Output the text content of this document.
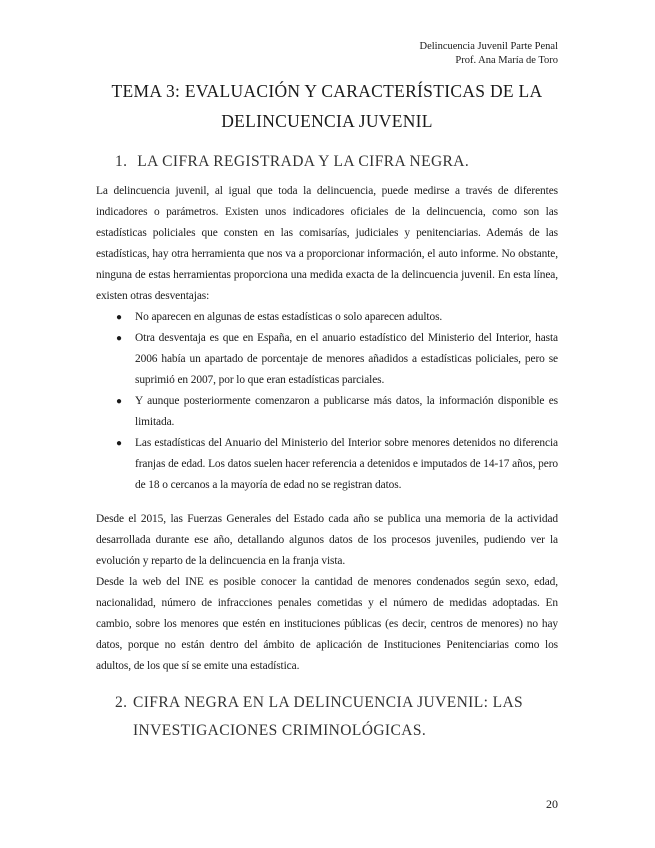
Delincuencia Juvenil Parte Penal
Prof. Ana María de Toro
TEMA 3: EVALUACIÓN Y CARACTERÍSTICAS DE LA
DELINCUENCIA JUVENIL
1. LA CIFRA REGISTRADA Y LA CIFRA NEGRA.

La delincuencia juvenil, al igual que toda la delincuencia, puede medirse a través de diferentes indicadores o parámetros. Existen unos indicadores oficiales de la delincuencia, como son las estadísticas policiales que consten en las comisarías, judiciales y penitenciarias. Además de las estadísticas, hay otra herramienta que nos va a proporcionar información, el auto informe. No obstante, ninguna de estas herramientas proporciona una medida exacta de la delincuencia juvenil. En esta línea, existen otras desventajas:

● No aparecen en algunas de estas estadísticas o solo aparecen adultos.
● Otra desventaja es que en España, en el anuario estadístico del Ministerio del Interior, hasta 2006 había un apartado de porcentaje de menores añadidos a estadísticas policiales, pero se suprimió en 2007, por lo que eran estadísticas parciales.
● Y aunque posteriormente comenzaron a publicarse más datos, la información disponible es limitada.
● Las estadísticas del Anuario del Ministerio del Interior sobre menores detenidos no diferencia franjas de edad. Los datos suelen hacer referencia a detenidos e imputados de 14-17 años, pero de 18 o cercanos a la mayoría de edad no se registran datos.

Desde el 2015, las Fuerzas Generales del Estado cada año se publica una memoria de la actividad desarrollada durante ese año, detallando algunos datos de los procesos juveniles, pudiendo ver la evolución y reparto de la delincuencia en la franja vista.

Desde la web del INE es posible conocer la cantidad de menores condenados según sexo, edad, nacionalidad, número de infracciones penales cometidas y el número de medidas adoptadas. En cambio, sobre los menores que estén en instituciones públicas (es decir, centros de menores) no hay datos, porque no están dentro del ámbito de aplicación de Instituciones Penitenciarias como los adultos, de los que sí se emite una estadística.

2. CIFRA NEGRA EN LA DELINCUENCIA JUVENIL: LAS
INVESTIGACIONES CRIMINOLÓGICAS.
20
